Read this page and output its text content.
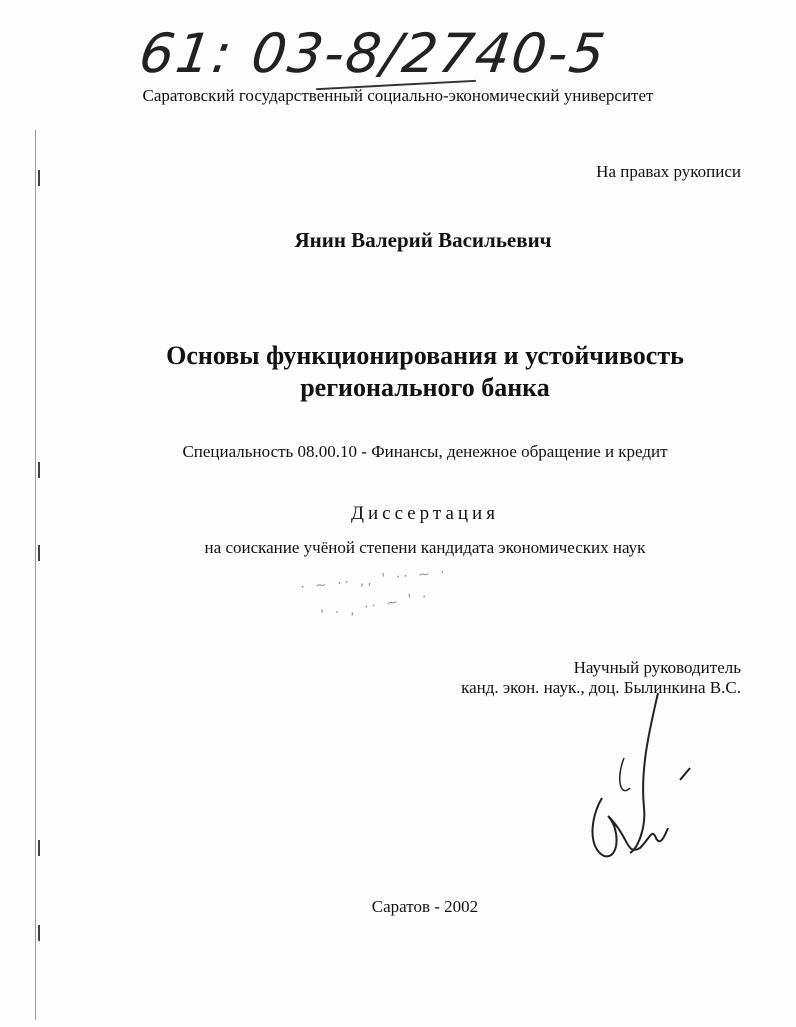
61: 03-8/2740-5
Саратовский государственный социально-экономический университет
На правах рукописи
Янин Валерий Васильевич
Основы функционирования и устойчивость
регионального банка
Специальность 08.00.10 - Финансы, денежное обращение и кредит
Диссертация
на соискание учёной степени кандидата экономических наук
· ~ ·· ,, ' ·· ~ ·
' · , ·· ~ ' ·
Научный руководитель
канд. экон. наук., доц. Былинкина В.С.
Саратов - 2002
